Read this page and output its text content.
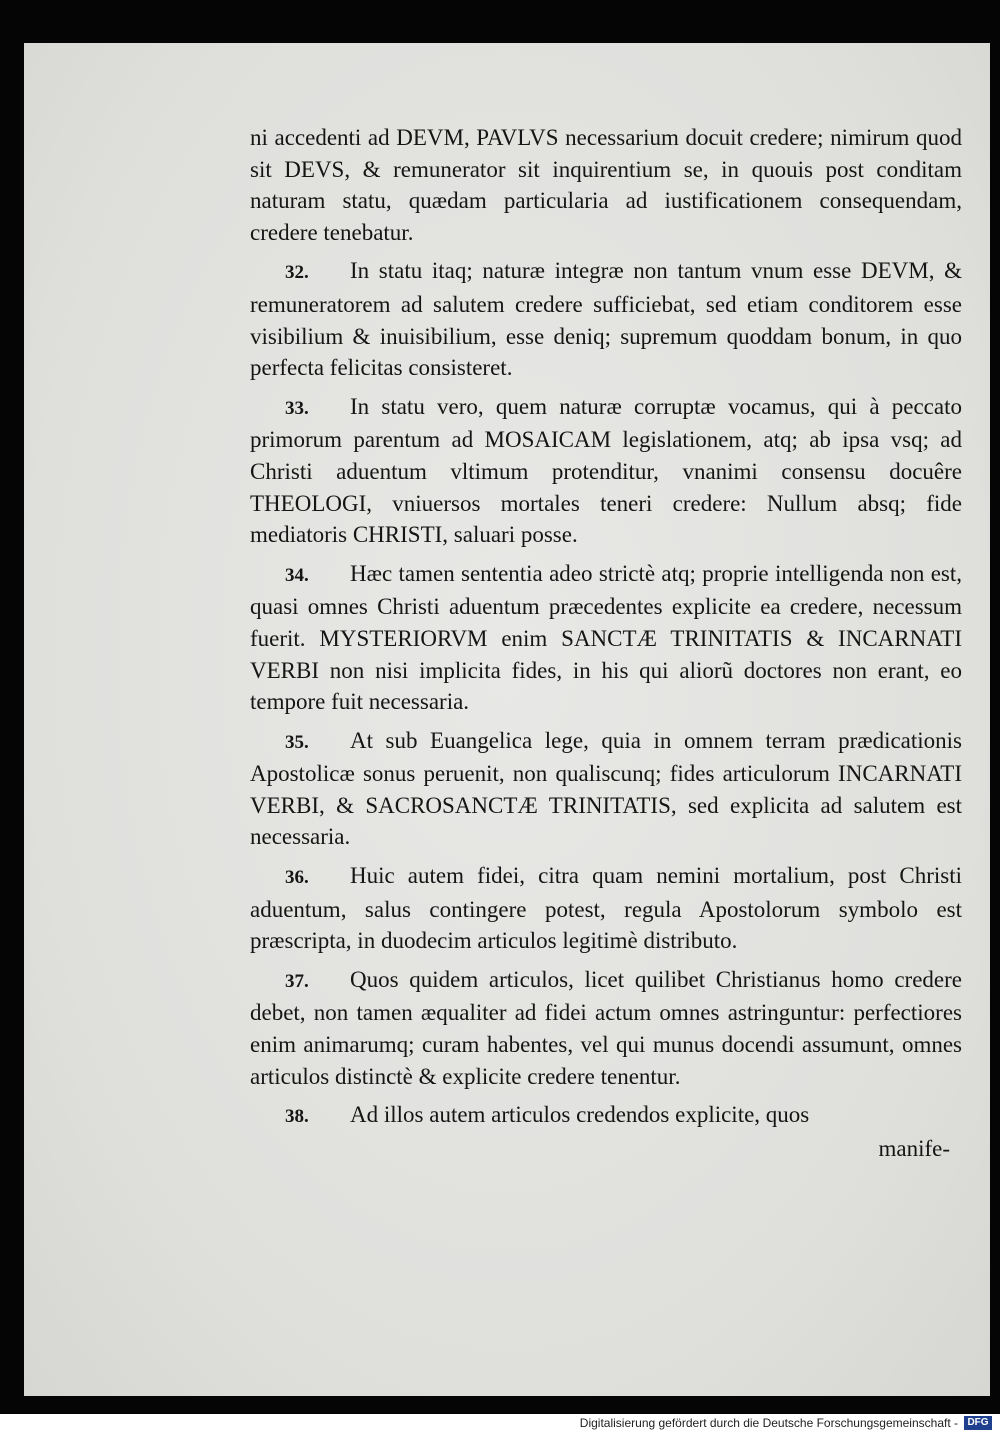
ni accedenti ad DEVM, PAVLVS necessarium docuit credere; nimirum quod sit DEVS, & remunerator sit inquirentium se, in quouis post conditam naturam statu, quædam particularia ad iustificationem consequendam, credere tenebatur.

32. In statu itaq; naturæ integræ non tantum vnum esse DEVM, & remuneratorem ad salutem credere sufficiebat, sed etiam conditorem esse visibilium & inuisibilium, esse deniq; supremum quoddam bonum, in quo perfecta felicitas consisteret.

33. In statu vero, quem naturæ corruptæ vocamus, qui à peccato primorum parentum ad MOSAICAM legislationem, atq; ab ipsa vsq; ad Christi aduentum vltimum protenditur, vnanimi consensu docuêre THEOLOGI, vniuersos mortales teneri credere: Nullum absq; fide mediatoris CHRISTI, saluari posse.

34. Hæc tamen sententia adeo strictè atq; proprie intelligenda non est, quasi omnes Christi aduentum præcedentes explicite ea credere, necessum fuerit. MYSTERIORVM enim SANCTÆ TRINITATIS & INCARNATI VERBI non nisi implicita fides, in his qui aliorũ doctores non erant, eo tempore fuit necessaria.

35. At sub Euangelica lege, quia in omnem terram prædicationis Apostolicæ sonus peruenit, non qualiscunq; fides articulorum INCARNATI VERBI, & SACROSANCTÆ TRINITATIS, sed explicita ad salutem est necessaria.

36. Huic autem fidei, citra quam nemini mortalium, post Christi aduentum, salus contingere potest, regula Apostolorum symbolo est præscripta, in duodecim articulos legitimè distributo.

37. Quos quidem articulos, licet quilibet Christianus homo credere debet, non tamen æqualiter ad fidei actum omnes astringuntur: perfectiores enim animarumq; curam habentes, vel qui munus docendi assumunt, omnes articulos distinctè & explicite credere tenentur.

38. Ad illos autem articulos credendos explicite, quos
manife-

Digitalisierung gefördert durch die Deutsche Forschungsgemeinschaft - DFG
